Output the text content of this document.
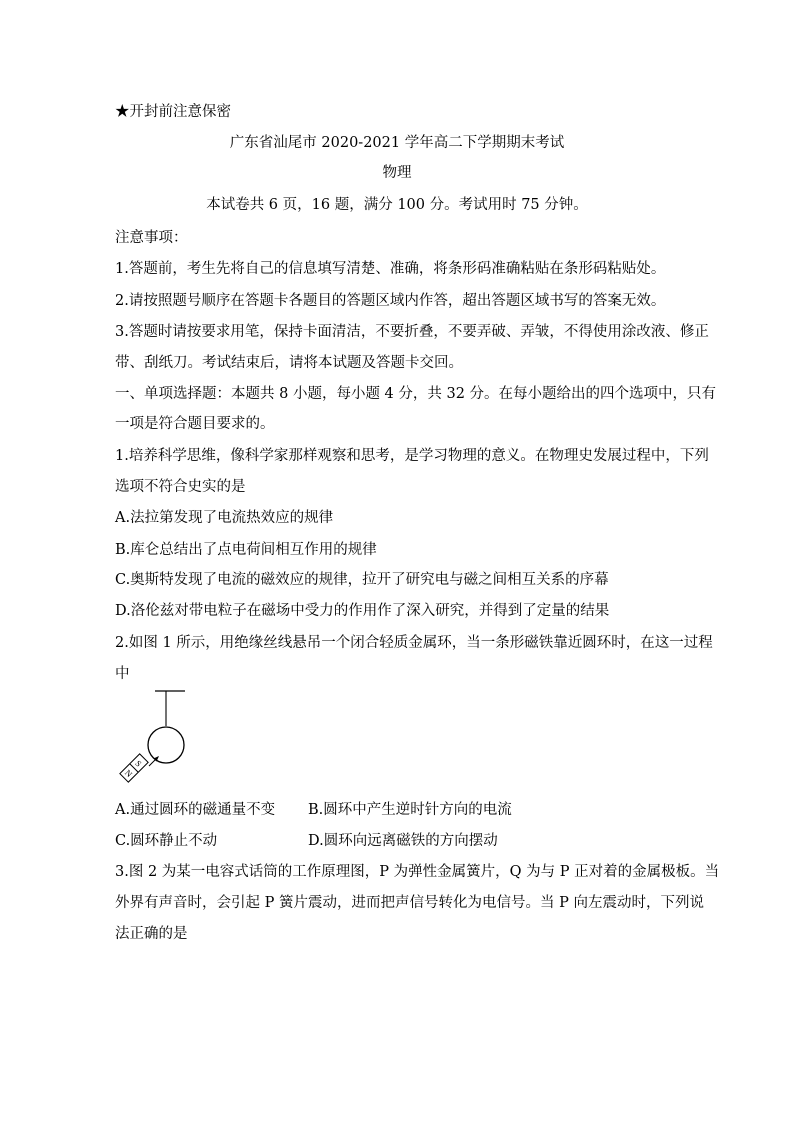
★开封前注意保密
广东省汕尾市 2020-2021 学年高二下学期期末考试
物理
本试卷共 6 页，16 题，满分 100 分。考试用时 75 分钟。
注意事项：
1.答题前，考生先将自己的信息填写清楚、准确，将条形码准确粘贴在条形码粘贴处。
2.请按照题号顺序在答题卡各题目的答题区域内作答，超出答题区域书写的答案无效。
3.答题时请按要求用笔，保持卡面清洁，不要折叠，不要弄破、弄皱，不得使用涂改液、修正
带、刮纸刀。考试结束后，请将本试题及答题卡交回。
一、单项选择题：本题共 8 小题，每小题 4 分，共 32 分。在每小题给出的四个选项中，只有
一项是符合题目要求的。
1.培养科学思维，像科学家那样观察和思考，是学习物理的意义。在物理史发展过程中，下列
选项不符合史实的是
A.法拉第发现了电流热效应的规律
B.库仑总结出了点电荷间相互作用的规律
C.奥斯特发现了电流的磁效应的规律，拉开了研究电与磁之间相互关系的序幕
D.洛伦兹对带电粒子在磁场中受力的作用作了深入研究，并得到了定量的结果
2.如图 1 所示，用绝缘丝线悬吊一个闭合轻质金属环，当一条形磁铁靠近圆环时，在这一过程
中
N
S
A.通过圆环的磁通量不变 B.圆环中产生逆时针方向的电流
C.圆环静止不动	D.圆环向远离磁铁的方向摆动
3.图 2 为某一电容式话筒的工作原理图，P 为弹性金属簧片，Q 为与 P 正对着的金属极板。当
外界有声音时，会引起 P 簧片震动，进而把声信号转化为电信号。当 P 向左震动时，下列说
法正确的是
